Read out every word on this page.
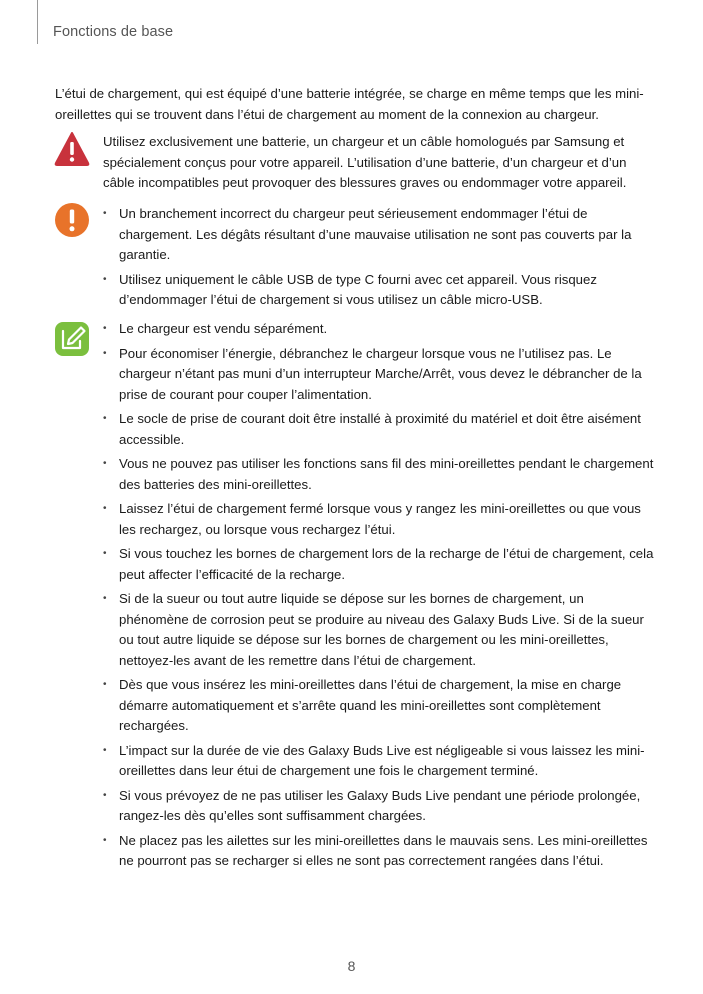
Fonctions de base

L’étui de chargement, qui est équipé d’une batterie intégrée, se charge en même temps que les mini-oreillettes qui se trouvent dans l’étui de chargement au moment de la connexion au chargeur.

Utilisez exclusivement une batterie, un chargeur et un câble homologués par Samsung et spécialement conçus pour votre appareil. L’utilisation d’une batterie, d’un chargeur et d’un câble incompatibles peut provoquer des blessures graves ou endommager votre appareil.

• Un branchement incorrect du chargeur peut sérieusement endommager l’étui de chargement. Les dégâts résultant d’une mauvaise utilisation ne sont pas couverts par la garantie.
• Utilisez uniquement le câble USB de type C fourni avec cet appareil. Vous risquez d’endommager l’étui de chargement si vous utilisez un câble micro-USB.
• Le chargeur est vendu séparément.
• Pour économiser l’énergie, débranchez le chargeur lorsque vous ne l’utilisez pas. Le chargeur n’étant pas muni d’un interrupteur Marche/Arrêt, vous devez le débrancher de la prise de courant pour couper l’alimentation.
• Le socle de prise de courant doit être installé à proximité du matériel et doit être aisément accessible.
• Vous ne pouvez pas utiliser les fonctions sans fil des mini-oreillettes pendant le chargement des batteries des mini-oreillettes.
• Laissez l’étui de chargement fermé lorsque vous y rangez les mini-oreillettes ou que vous les rechargez, ou lorsque vous rechargez l’étui.
• Si vous touchez les bornes de chargement lors de la recharge de l’étui de chargement, cela peut affecter l’efficacité de la recharge.
• Si de la sueur ou tout autre liquide se dépose sur les bornes de chargement, un phénomène de corrosion peut se produire au niveau des Galaxy Buds Live. Si de la sueur ou tout autre liquide se dépose sur les bornes de chargement ou les mini-oreillettes, nettoyez-les avant de les remettre dans l’étui de chargement.
• Dès que vous insérez les mini-oreillettes dans l’étui de chargement, la mise en charge démarre automatiquement et s’arrête quand les mini-oreillettes sont complètement rechargées.
• L’impact sur la durée de vie des Galaxy Buds Live est négligeable si vous laissez les mini-oreillettes dans leur étui de chargement une fois le chargement terminé.
• Si vous prévoyez de ne pas utiliser les Galaxy Buds Live pendant une période prolongée, rangez-les dès qu’elles sont suffisamment chargées.
• Ne placez pas les ailettes sur les mini-oreillettes dans le mauvais sens. Les mini-oreillettes ne pourront pas se recharger si elles ne sont pas correctement rangées dans l’étui.
8
